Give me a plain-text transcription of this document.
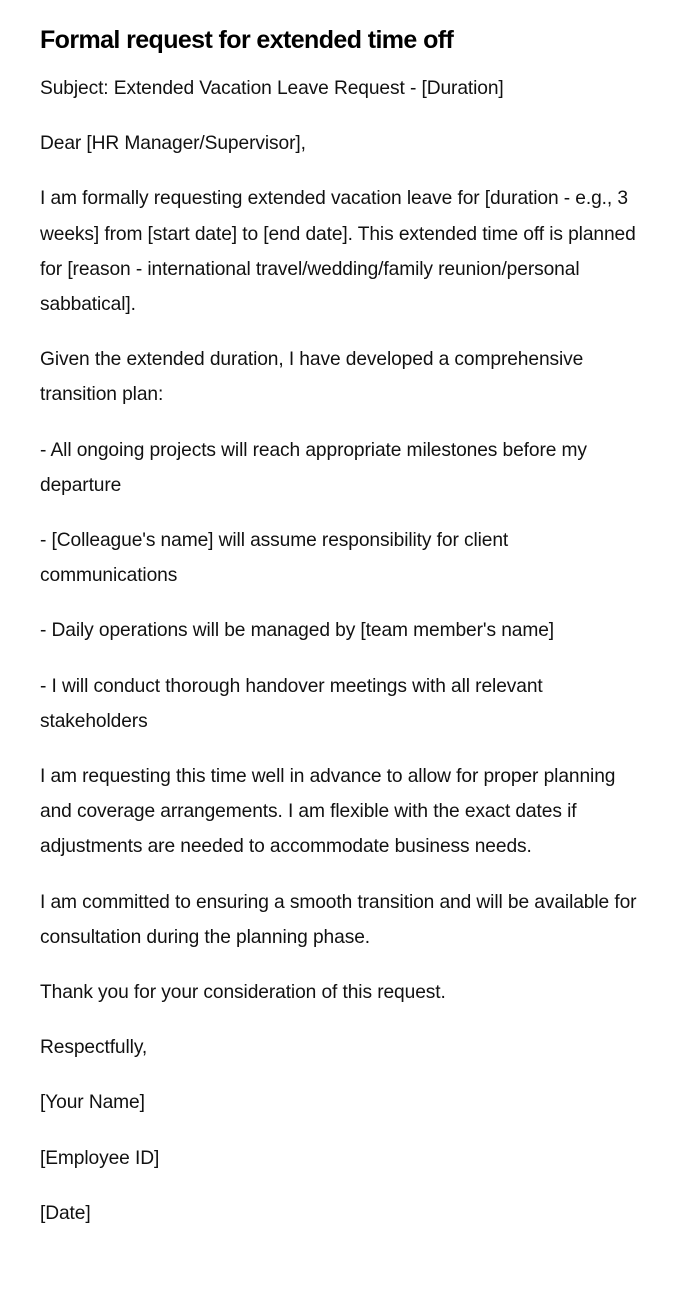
Formal request for extended time off

Subject: Extended Vacation Leave Request - [Duration]

Dear [HR Manager/Supervisor],

I am formally requesting extended vacation leave for [duration - e.g., 3 weeks] from [start date] to [end date]. This extended time off is planned for [reason - international travel/wedding/family reunion/personal sabbatical].

Given the extended duration, I have developed a comprehensive transition plan:

- All ongoing projects will reach appropriate milestones before my departure

- [Colleague's name] will assume responsibility for client communications

- Daily operations will be managed by [team member's name]

- I will conduct thorough handover meetings with all relevant stakeholders

I am requesting this time well in advance to allow for proper planning and coverage arrangements. I am flexible with the exact dates if adjustments are needed to accommodate business needs.

I am committed to ensuring a smooth transition and will be available for consultation during the planning phase.

Thank you for your consideration of this request.

Respectfully,

[Your Name]

[Employee ID]

[Date]
